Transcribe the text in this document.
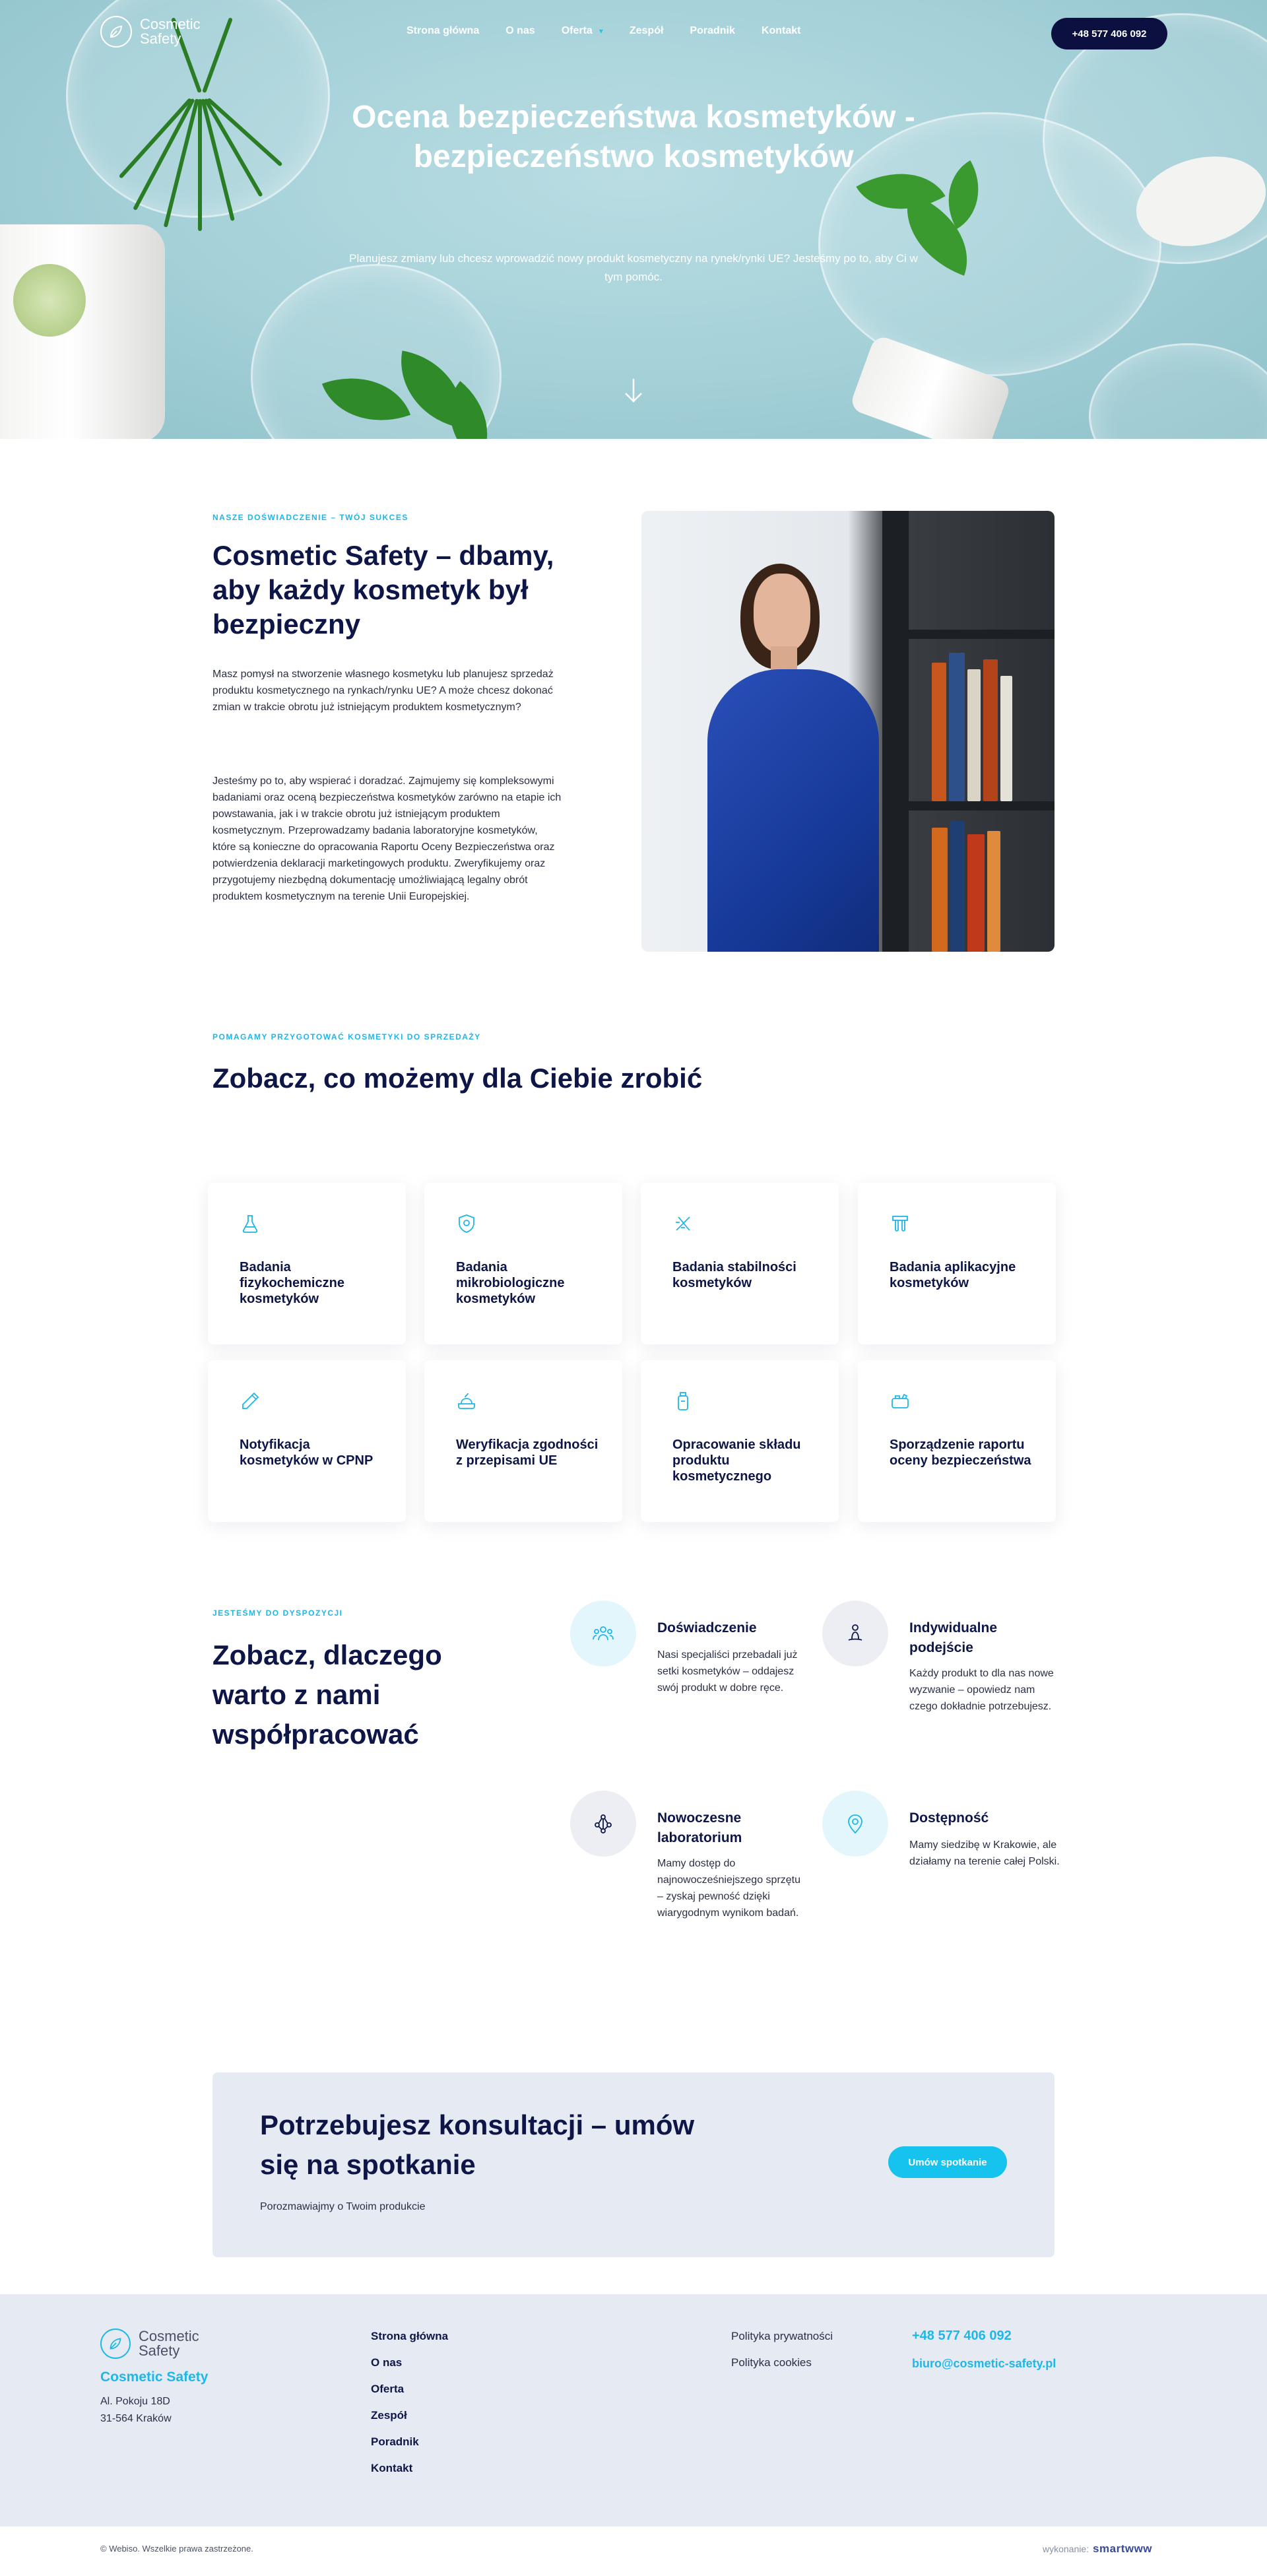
Cosmetic
Safety	Strona główna	O nas	Oferta ▾	Zespół	Poradnik	Kontakt	+48 577 406 092
Ocena bezpieczeństwa kosmetyków - bezpieczeństwo kosmetyków

Planujesz zmiany lub chcesz wprowadzić nowy produkt kosmetyczny na rynek/rynki UE? Jesteśmy po to, aby Ci w tym pomóc.

NASZE DOŚWIADCZENIE – TWÓJ SUKCES
Cosmetic Safety – dbamy, aby każdy kosmetyk był bezpieczny

Masz pomysł na stworzenie własnego kosmetyku lub planujesz sprzedaż produktu kosmetycznego na rynkach/rynku UE? A może chcesz dokonać zmian w trakcie obrotu już istniejącym produktem kosmetycznym?

Jesteśmy po to, aby wspierać i doradzać. Zajmujemy się kompleksowymi badaniami oraz oceną bezpieczeństwa kosmetyków zarówno na etapie ich powstawania, jak i w trakcie obrotu już istniejącym produktem kosmetycznym. Przeprowadzamy badania laboratoryjne kosmetyków, które są konieczne do opracowania Raportu Oceny Bezpieczeństwa oraz potwierdzenia deklaracji marketingowych produktu. Zweryfikujemy oraz przygotujemy niezbędną dokumentację umożliwiającą legalny obrót produktem kosmetycznym na terenie Unii Europejskiej.

POMAGAMY PRZYGOTOWAĆ KOSMETYKI DO SPRZEDAŻY
Zobacz, co możemy dla Ciebie zrobić
Badania fizykochemiczne kosmetyków
Badania mikrobiologiczne kosmetyków
Badania stabilności kosmetyków
Badania aplikacyjne kosmetyków
Notyfikacja kosmetyków w CPNP
Weryfikacja zgodności z przepisami UE
Opracowanie składu produktu kosmetycznego
Sporządzenie raportu oceny bezpieczeństwa
JESTEŚMY DO DYSPOZYCJI
Zobacz, dlaczego warto z nami współpracować
Doświadczenie
Nasi specjaliści przebadali już setki kosmetyków – oddajesz swój produkt w dobre ręce.
Indywidualne podejście
Każdy produkt to dla nas nowe wyzwanie – opowiedz nam czego dokładnie potrzebujesz.
Nowoczesne laboratorium
Mamy dostęp do najnowocześniejszego sprzętu – zyskaj pewność dzięki wiarygodnym wynikom badań.
Dostępność
Mamy siedzibę w Krakowie, ale działamy na terenie całej Polski.
Potrzebujesz konsultacji – umów się na spotkanie

Porozmawiajmy o Twoim produkcie

Umów spotkanie
Cosmetic
Safety
Cosmetic Safety
Al. Pokoju 18D
31-564 Kraków
Strona główna
O nas
Oferta
Zespół
Poradnik
Kontakt
Polityka prywatności
Polityka cookies
+48 577 406 092
biuro@cosmetic-safety.pl
© Webiso. Wszelkie prawa zastrzeżone.	wykonanie: smartwww
